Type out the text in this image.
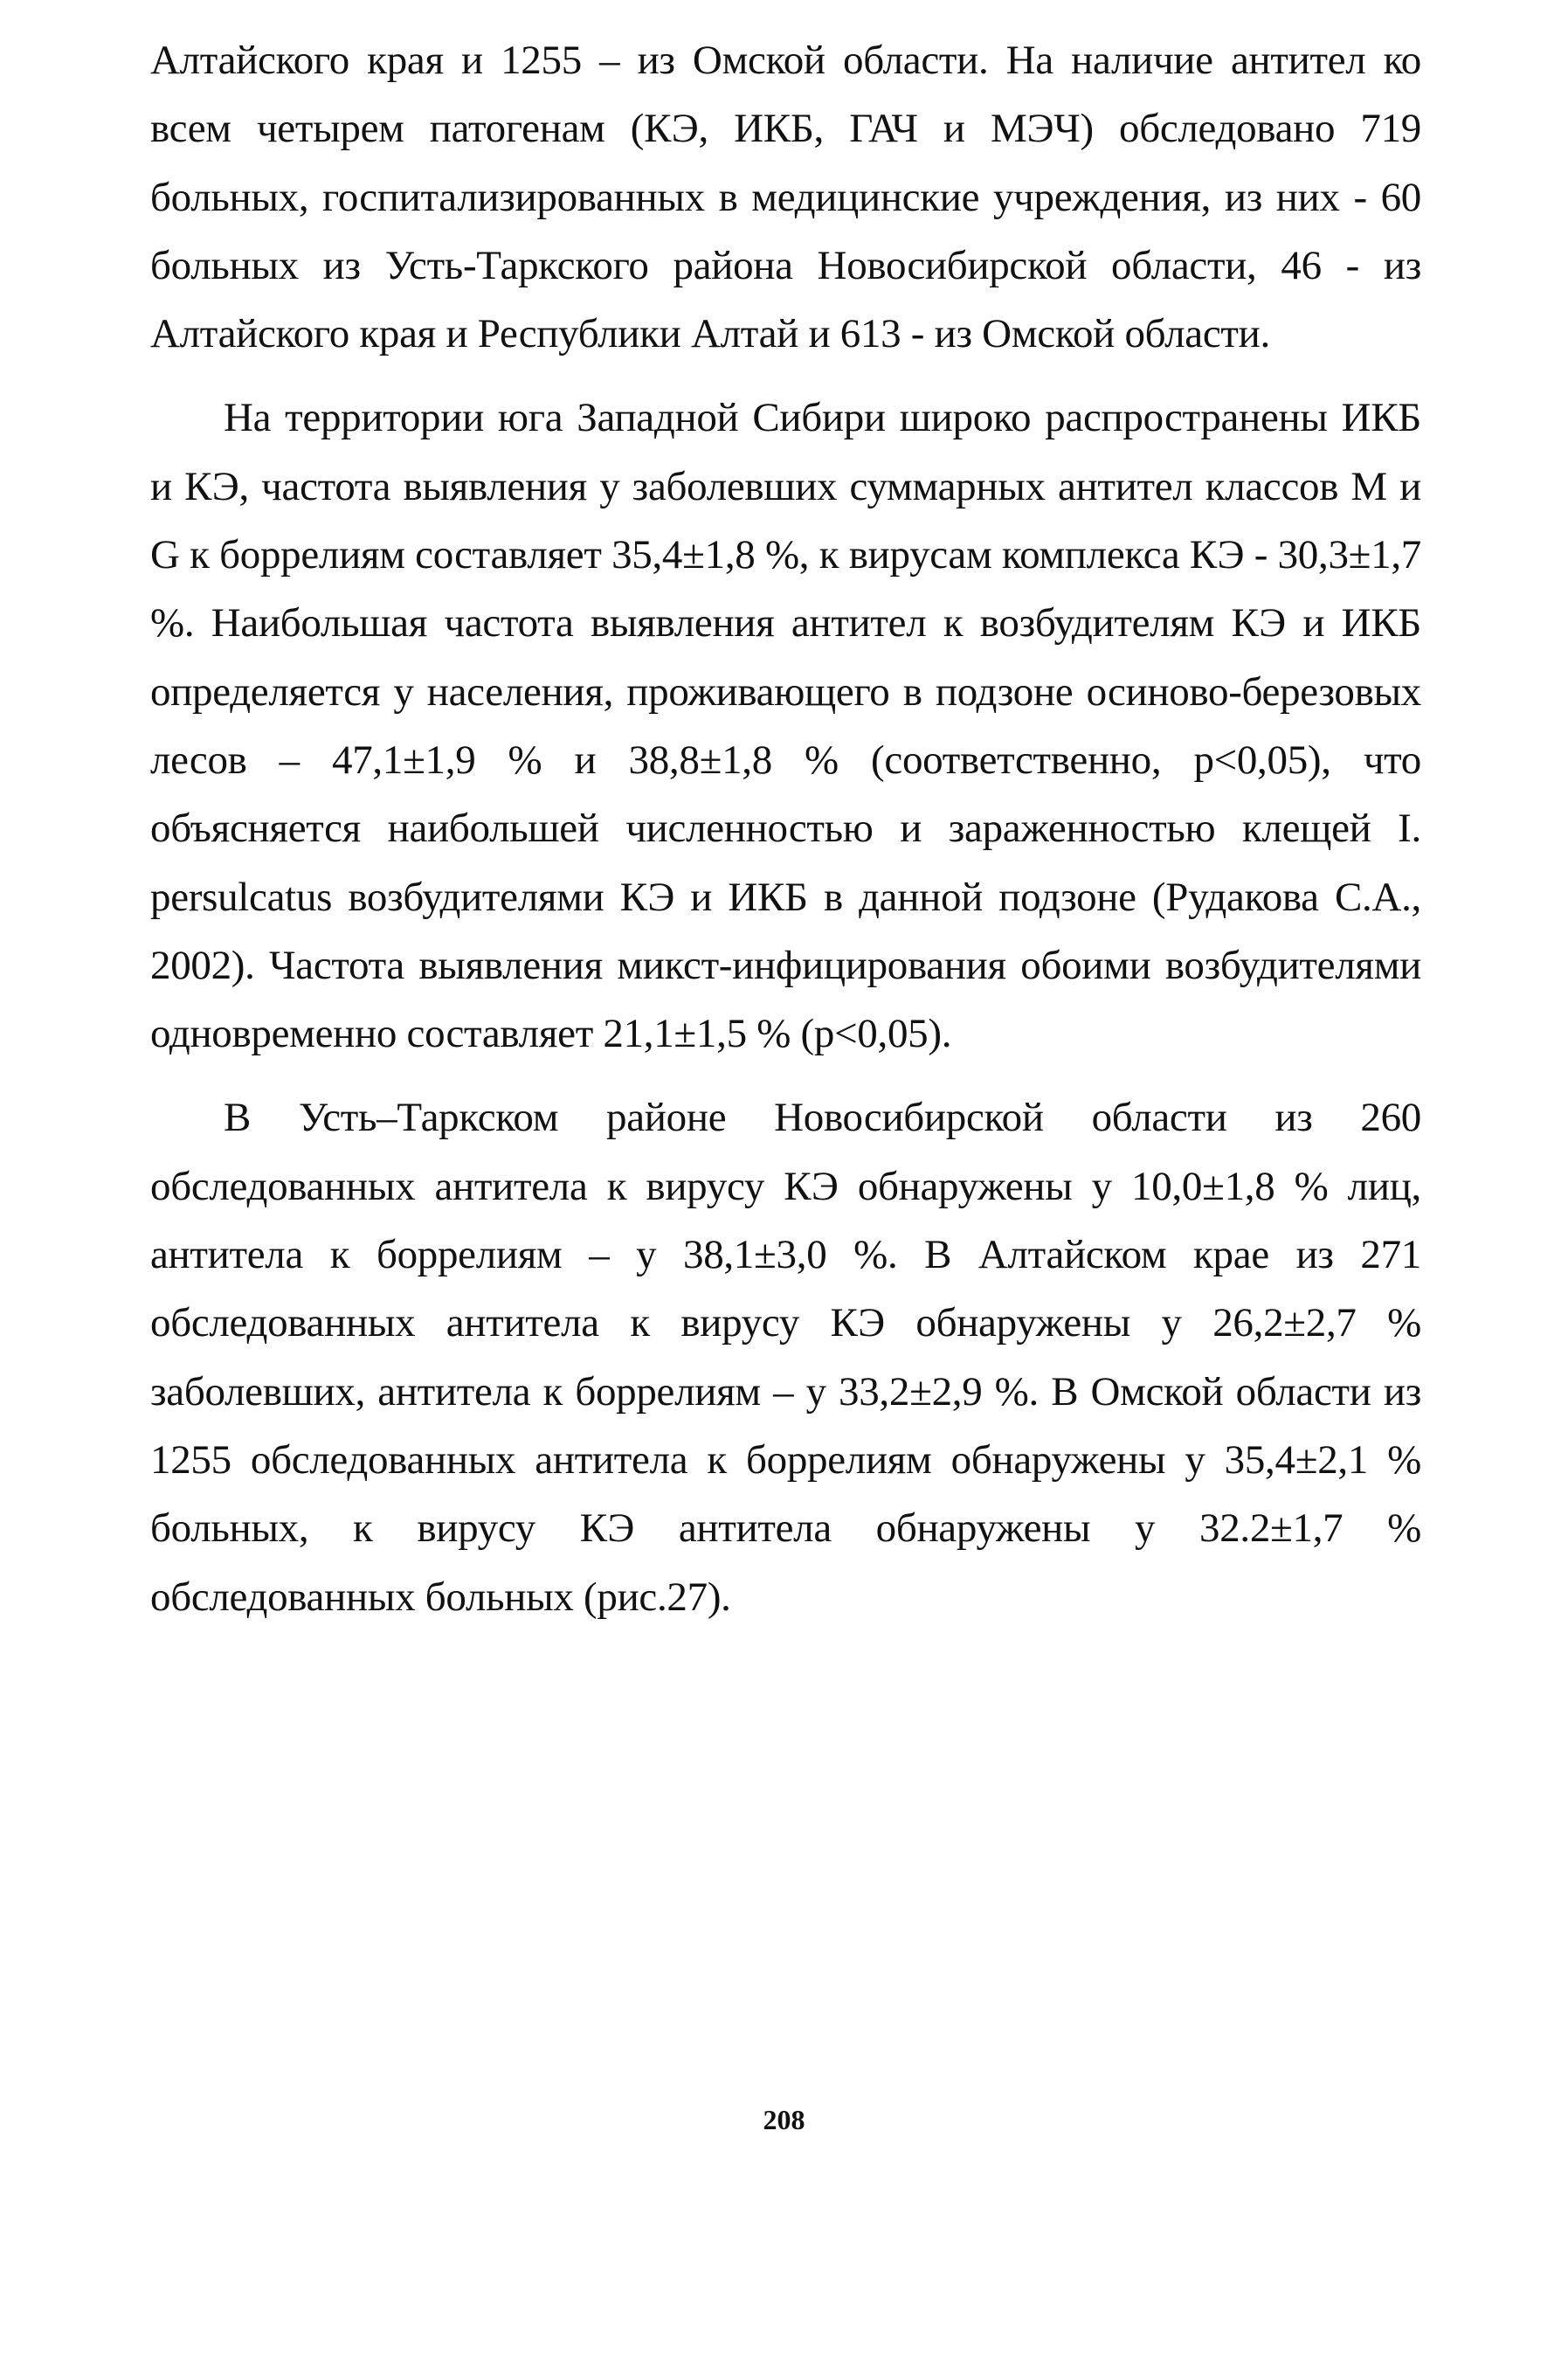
Алтайского края и 1255 – из Омской области. На наличие антител ко всем четырем патогенам (КЭ, ИКБ, ГАЧ и МЭЧ) обследовано 719 больных, госпитализированных в медицинские учреждения, из них - 60 больных из Усть-Таркского района Новосибирской области, 46 - из Алтайского края и Республики Алтай и 613 - из Омской области.

На территории юга Западной Сибири широко распространены ИКБ и КЭ, частота выявления у заболевших суммарных антител классов M и G к боррелиям составляет 35,4±1,8 %, к вирусам комплекса КЭ - 30,3±1,7 %. Наибольшая частота выявления антител к возбудителям КЭ и ИКБ определяется у населения, проживающего в подзоне осиново-березовых лесов – 47,1±1,9 % и 38,8±1,8 % (соответственно, p<0,05), что объясняется наибольшей численностью и зараженностью клещей I. persulcatus возбудителями КЭ и ИКБ в данной подзоне (Рудакова С.А., 2002). Частота выявления микст-инфицирования обоими возбудителями одновременно составляет 21,1±1,5 % (p<0,05).

В Усть–Таркском районе Новосибирской области из 260 обследованных антитела к вирусу КЭ обнаружены у 10,0±1,8 % лиц, антитела к боррелиям – у 38,1±3,0 %. В Алтайском крае из 271 обследованных антитела к вирусу КЭ обнаружены у 26,2±2,7 % заболевших, антитела к боррелиям – у 33,2±2,9 %. В Омской области из 1255 обследованных антитела к боррелиям обнаружены у 35,4±2,1 % больных, к вирусу КЭ антитела обнаружены у 32.2±1,7 % обследованных больных (рис.27).

208
